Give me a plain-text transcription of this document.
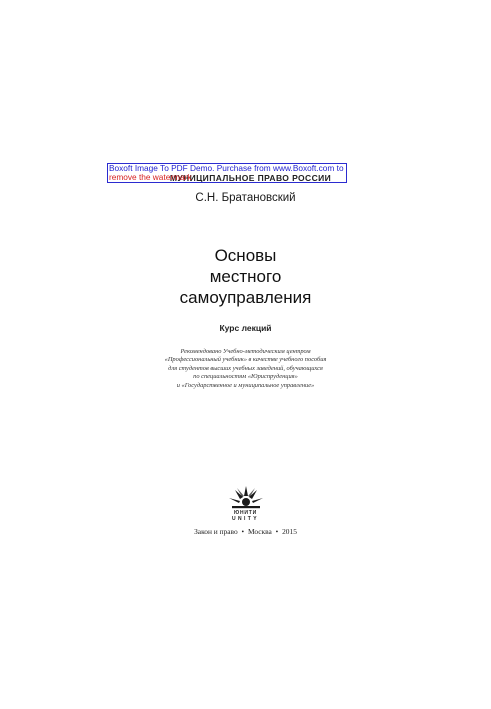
Boxoft Image To PDF Demo. Purchase from www.Boxoft.com to
remove the watermark
МУНИЦИПАЛЬНОЕ ПРАВО РОССИИ
С.Н. Братановский
Основы
местного
самоуправления
Курс лекций
Рекомендовано Учебно-методическим центром
«Профессиональный учебник» в качестве учебного пособия
для студентов высших учебных заведений, обучающихся
по специальностям «Юриспруденция»
и «Государственное и муниципальное управление»
ЮНИТИ
UNITY
Закон и право • Москва • 2015
